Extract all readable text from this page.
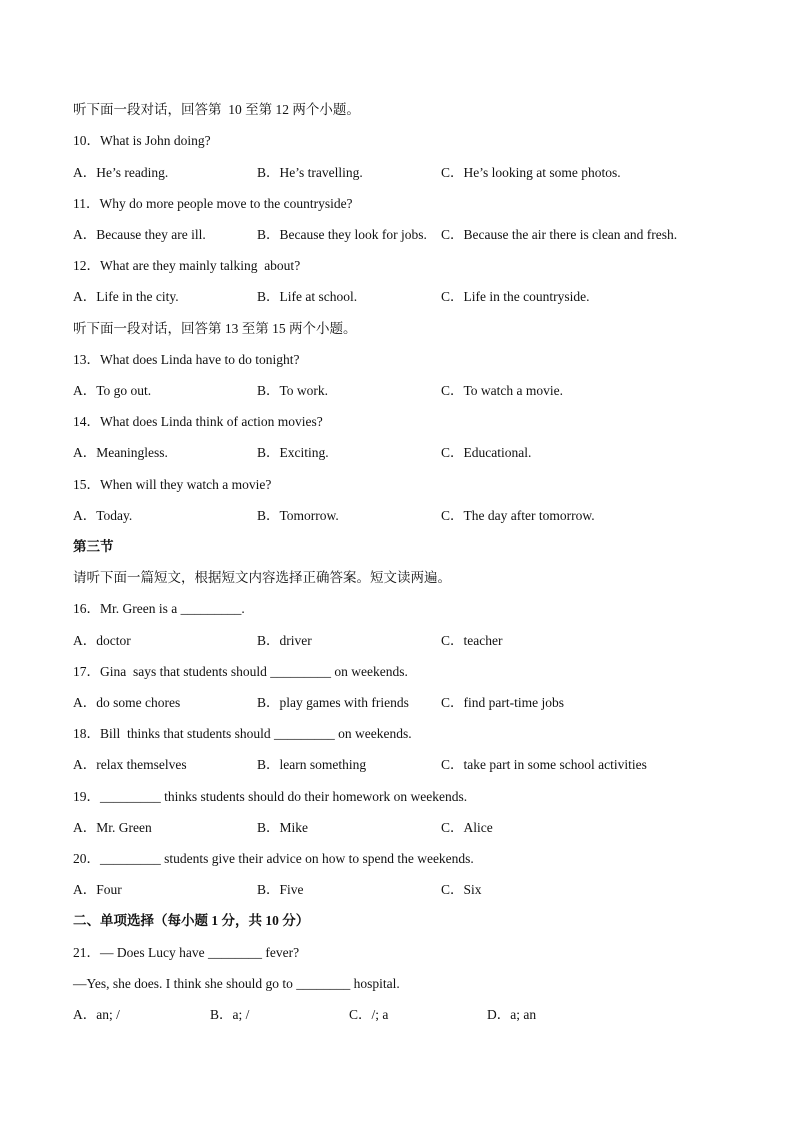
听下面一段对话，回答第  10 至第 12 两个小题。
10．What is John doing?
A．He’s reading.	B．He’s travelling.	C．He’s looking at some photos.
11．Why do more people move to the countryside?
A．Because they are ill.	B．Because they look for jobs. C．Because the air there is clean and fresh.
12．What are they mainly talking  about?
A．Life in the city.	B．Life at school.	C．Life in the countryside.
听下面一段对话，回答第 13 至第 15 两个小题。
13．What does Linda have to do tonight?
A．To go out.	B．To work.	C．To watch a movie.
14．What does Linda think of action movies?
A．Meaningless.	B．Exciting.	C．Educational.
15．When will they watch a movie?
A．Today.	B．Tomorrow.	C．The day after tomorrow.
第三节
请听下面一篇短文，根据短文内容选择正确答案。短文读两遍。
16．Mr. Green is a _________.
A．doctor	B．driver	C．teacher
17．Gina  says that students should _________ on weekends.
A．do some chores	B．play games with friends C．find part-time jobs
18．Bill  thinks that students should _________ on weekends.
A．relax themselves	B．learn something	C．take part in some school activities
19．_________ thinks students should do their homework on weekends.
A．Mr. Green	B．Mike	C．Alice
20．_________ students give their advice on how to spend the weekends.
A．Four	B．Five	C．Six
二、单项选择（每小题 1 分，共 10 分）
21．— Does Lucy have ________ fever?
—Yes, she does. I think she should go to ________ hospital.
A．an; /	B．a; /	C．/; a	D．a; an
